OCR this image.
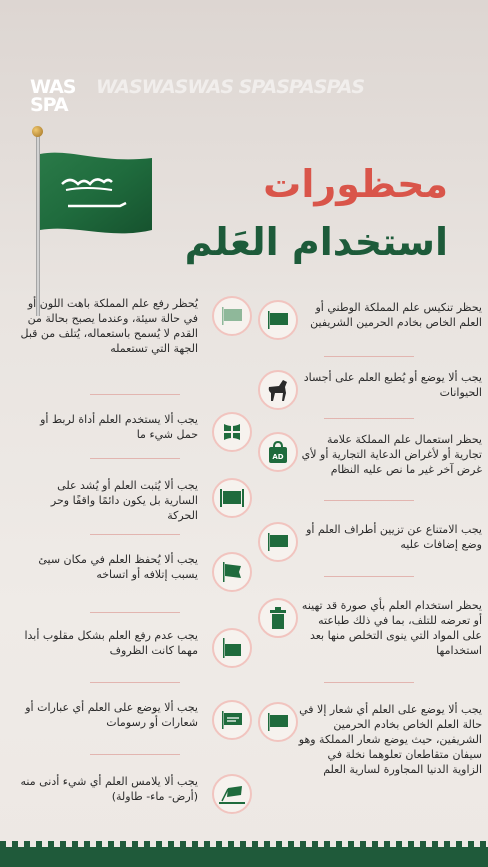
WAS
SPA
WASWASWAS SPASPASPAS
محظورات
استخدام العَلم
يحظر تنكيس علم المملكة الوطني أو العلم الخاص بخادم الحرمين الشريفين
يجب ألا يوضع أو يُطبع العلم على أجساد الحيوانات
AD
يحظر استعمال علم المملكة علامة تجارية أو لأغراض الدعاية التجارية أو لأي غرض آخر غير ما نص عليه النظام
يجب الامتناع عن تزيين أطراف العلم أو وضع إضافات عليه
يحظر استخدام العلم بأي صورة قد تهينه أو تعرضه للتلف، بما في ذلك طباعته على المواد التي ينوى التخلص منها بعد استخدامها
يجب ألا يوضع على العلم أي شعار إلا في حالة العلم الخاص بخادم الحرمين الشريفين، حيث يوضع شعار المملكة وهو سيفان متقاطعان تعلوهما نخلة في الزاوية الدنيا المجاورة لسارية العلم
يُحظر رفع علم المملكة باهت اللون أو في حالة سيئة، وعندما يصبح بحالة من القدم لا يُسمح باستعماله، يُتلف من قبل الجهة التي تستعمله
يجب ألا يستخدم العلم أداة لربط أو حمل شيء ما
يجب ألا يُثبت العلم أو يُشد على السارية بل يكون دائمًا واقفًا وحر الحركة
يجب ألا يُحفظ العلم في مكان سيئ يسبب إتلافه أو اتساخه
يجب عدم رفع العلم بشكل مقلوب أبدا مهما كانت الظروف
يجب ألا يوضع على العلم أي عبارات أو شعارات أو رسومات
يجب ألا يلامس العلم أي شيء أدنى منه (أرض- ماء- طاولة)
